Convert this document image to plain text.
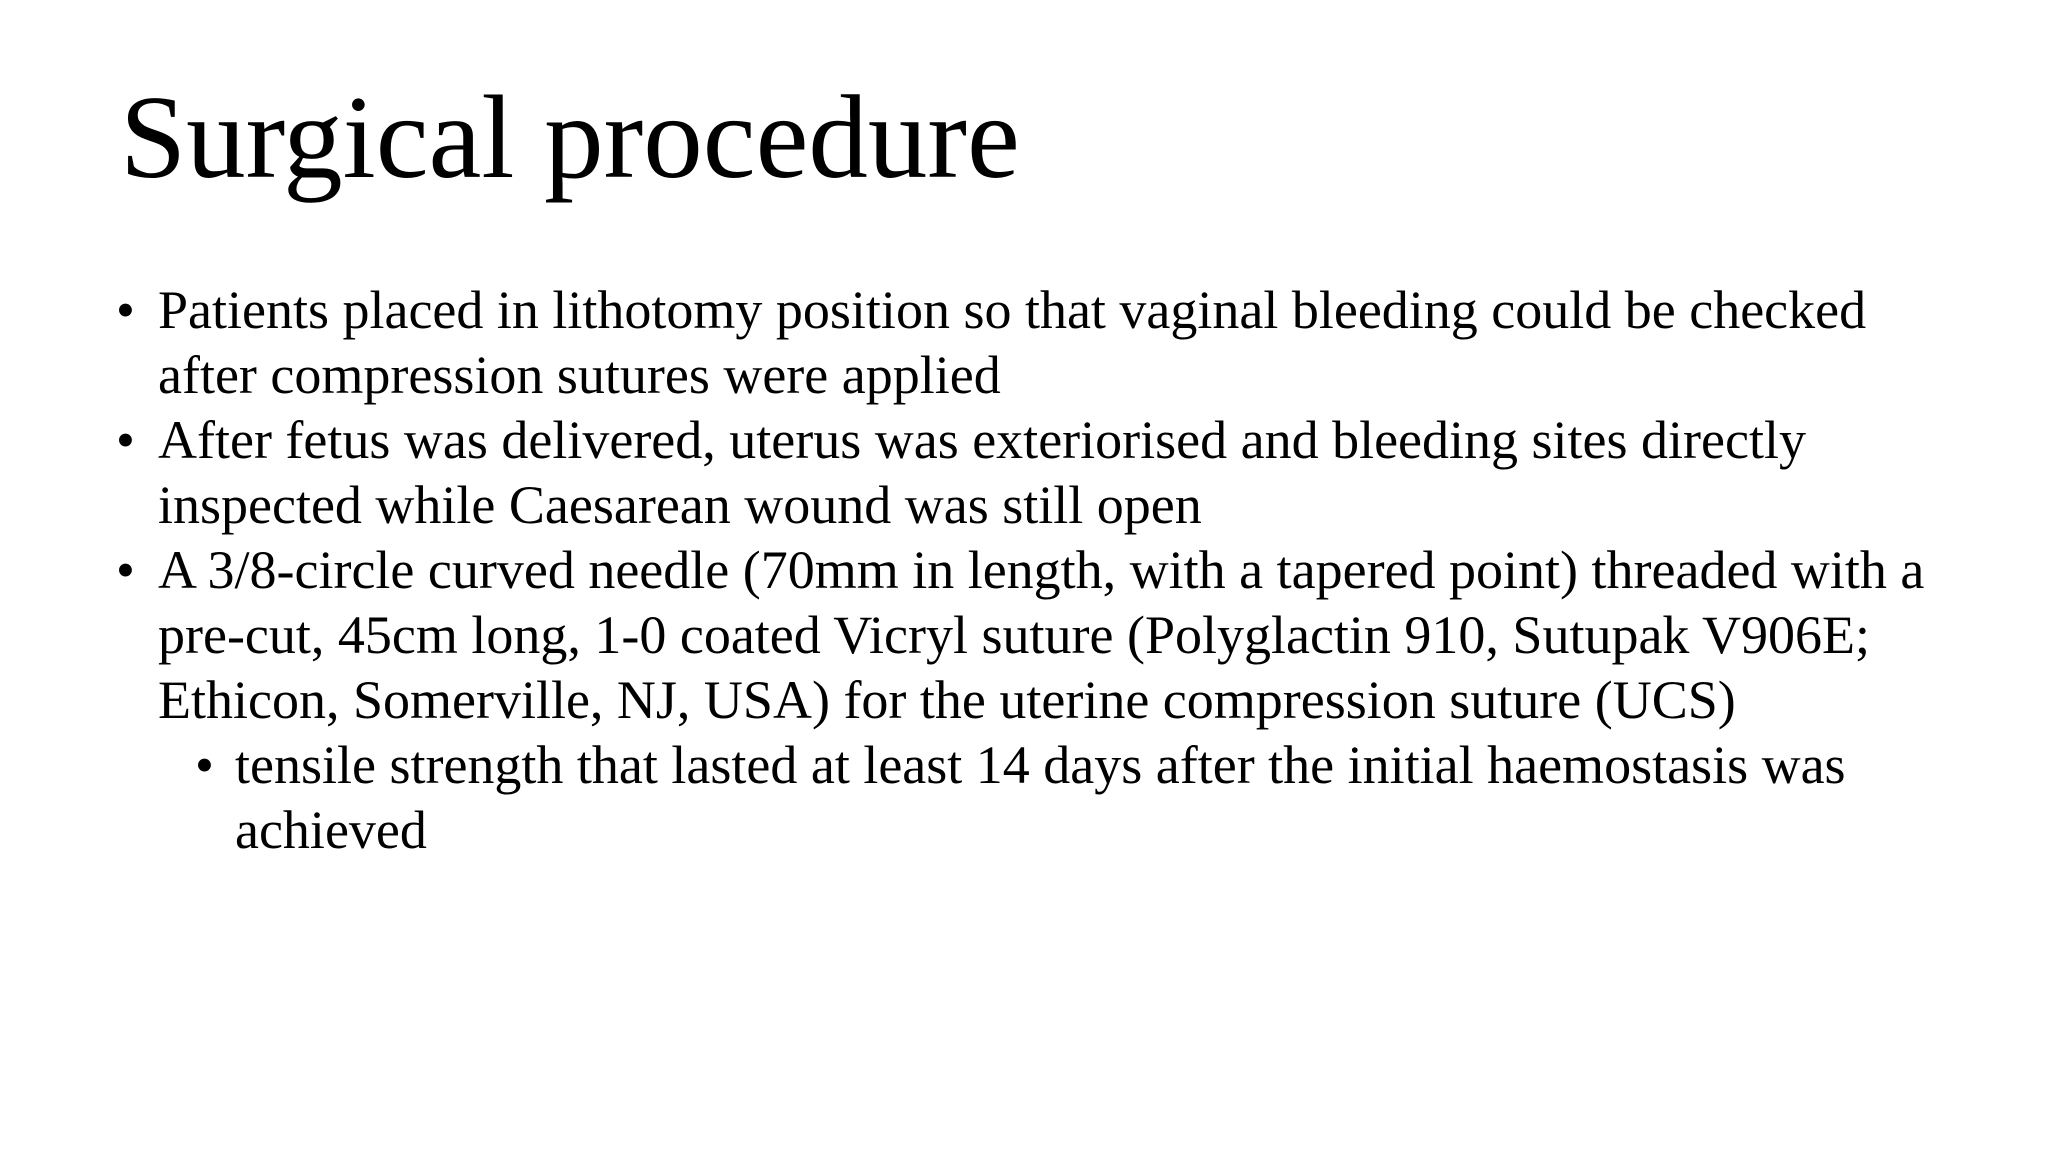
Surgical procedure
• Patients placed in lithotomy position so that vaginal bleeding could be checked after compression sutures were applied
• After fetus was delivered, uterus was exteriorised and bleeding sites directly inspected while Caesarean wound was still open
• A 3/8-circle curved needle (70mm in length, with a tapered point) threaded with a pre-cut, 45cm long, 1-0 coated Vicryl suture (Polyglactin 910, Sutupak V906E; Ethicon, Somerville, NJ, USA) for the uterine compression suture (UCS)
• tensile strength that lasted at least 14 days after the initial haemostasis was achieved
